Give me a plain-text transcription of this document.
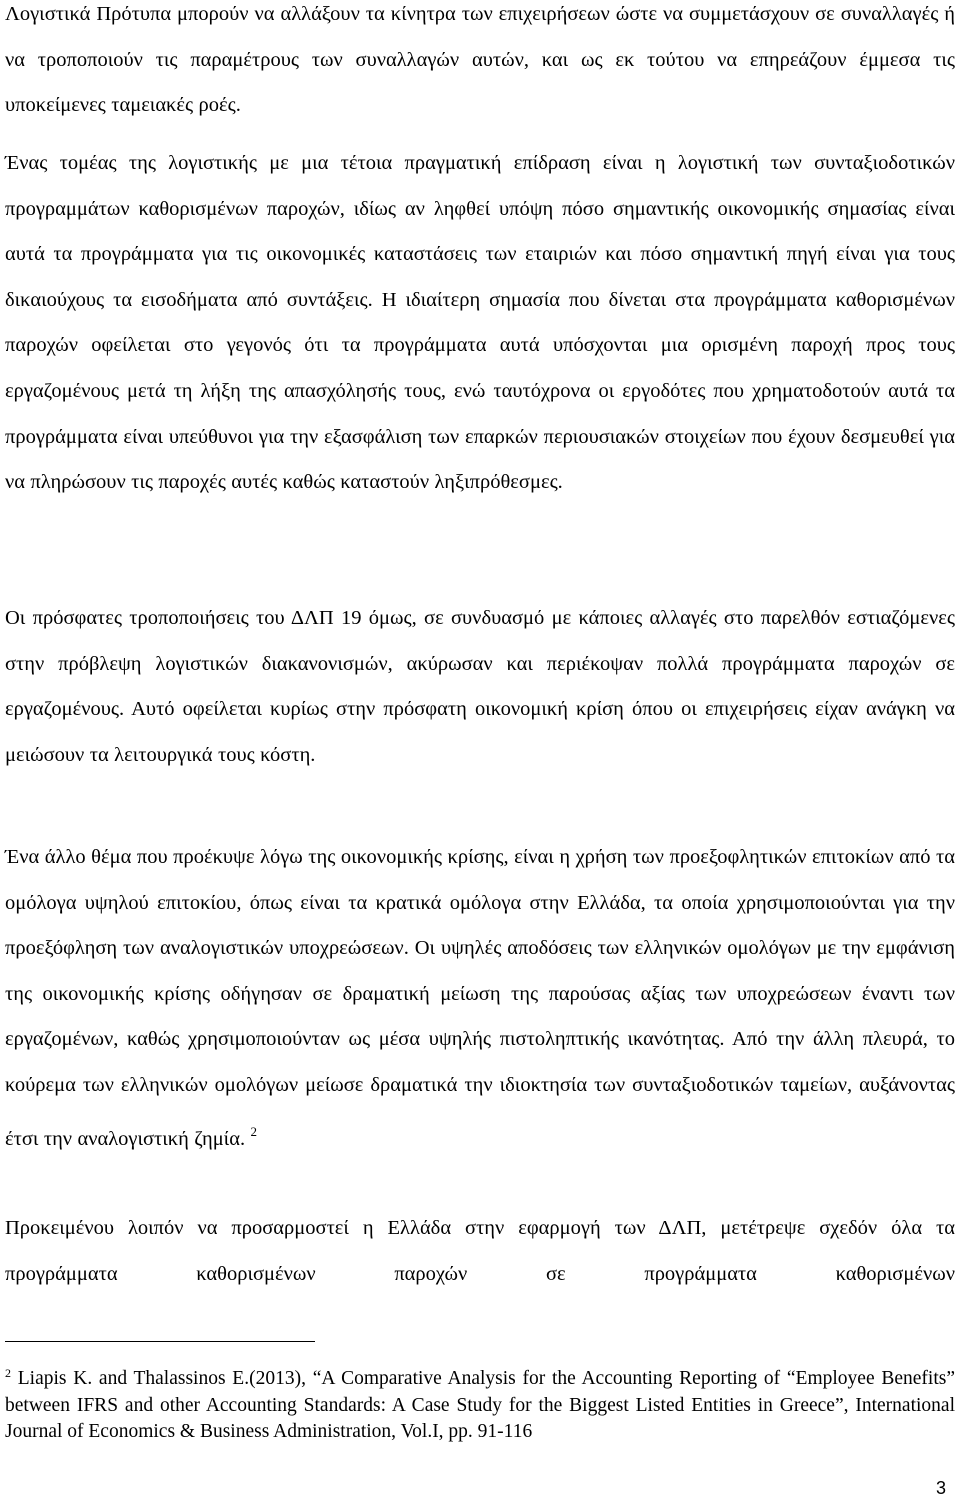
Λογιστικά Πρότυπα μπορούν να αλλάξουν τα κίνητρα των επιχειρήσεων ώστε να συμμετάσχουν σε συναλλαγές ή να τροποποιούν τις παραμέτρους των συναλλαγών αυτών, και ως εκ τούτου να επηρεάζουν έμμεσα τις υποκείμενες ταμειακές ροές.

Ένας τομέας της λογιστικής με μια τέτοια πραγματική επίδραση είναι η λογιστική των συνταξιοδοτικών προγραμμάτων καθορισμένων παροχών, ιδίως αν ληφθεί υπόψη πόσο σημαντικής οικονομικής σημασίας είναι αυτά τα προγράμματα για τις οικονομικές καταστάσεις των εταιριών και πόσο σημαντική πηγή είναι για τους δικαιούχους τα εισοδήματα από συντάξεις. Η ιδιαίτερη σημασία που δίνεται στα προγράμματα καθορισμένων παροχών οφείλεται στο γεγονός ότι τα προγράμματα αυτά υπόσχονται μια ορισμένη παροχή προς τους εργαζομένους μετά τη λήξη της απασχόλησής τους, ενώ ταυτόχρονα οι εργοδότες που χρηματοδοτούν αυτά τα προγράμματα είναι υπεύθυνοι για την εξασφάλιση των επαρκών περιουσιακών στοιχείων που έχουν δεσμευθεί για να πληρώσουν τις παροχές αυτές καθώς καταστούν ληξιπρόθεσμες.

Οι πρόσφατες τροποποιήσεις του ΔΛΠ 19 όμως, σε συνδυασμό με κάποιες αλλαγές στο παρελθόν εστιαζόμενες στην πρόβλεψη λογιστικών διακανονισμών, ακύρωσαν και περιέκοψαν πολλά προγράμματα παροχών σε εργαζομένους. Αυτό οφείλεται κυρίως στην πρόσφατη οικονομική κρίση όπου οι επιχειρήσεις είχαν ανάγκη να μειώσουν τα λειτουργικά τους κόστη.

Ένα άλλο θέμα που προέκυψε λόγω της οικονομικής κρίσης, είναι η χρήση των προεξοφλητικών επιτοκίων από τα ομόλογα υψηλού επιτοκίου, όπως είναι τα κρατικά ομόλογα στην Ελλάδα, τα οποία χρησιμοποιούνται για την προεξόφληση των αναλογιστικών υποχρεώσεων. Οι υψηλές αποδόσεις των ελληνικών ομολόγων με την εμφάνιση της οικονομικής κρίσης οδήγησαν σε δραματική μείωση της παρούσας αξίας των υποχρεώσεων έναντι των εργαζομένων, καθώς χρησιμοποιούνταν ως μέσα υψηλής πιστοληπτικής ικανότητας. Από την άλλη πλευρά, το κούρεμα των ελληνικών ομολόγων μείωσε δραματικά την ιδιοκτησία των συνταξιοδοτικών ταμείων, αυξάνοντας έτσι την αναλογιστική ζημία. $^2$

Προκειμένου λοιπόν να προσαρμοστεί η Ελλάδα στην εφαρμογή των ΔΛΠ, μετέτρεψε σχεδόν όλα τα προγράμματα καθορισμένων παροχών σε προγράμματα καθορισμένων

$^2$ Liapis K. and Thalassinos E.(2013), “A Comparative Analysis for the Accounting Reporting of “Employee Benefits” between IFRS and other Accounting Standards: A Case Study for the Biggest Listed Entities in Greece”, International Journal of Economics & Business Administration, Vol.I, pp. 91-116

3
